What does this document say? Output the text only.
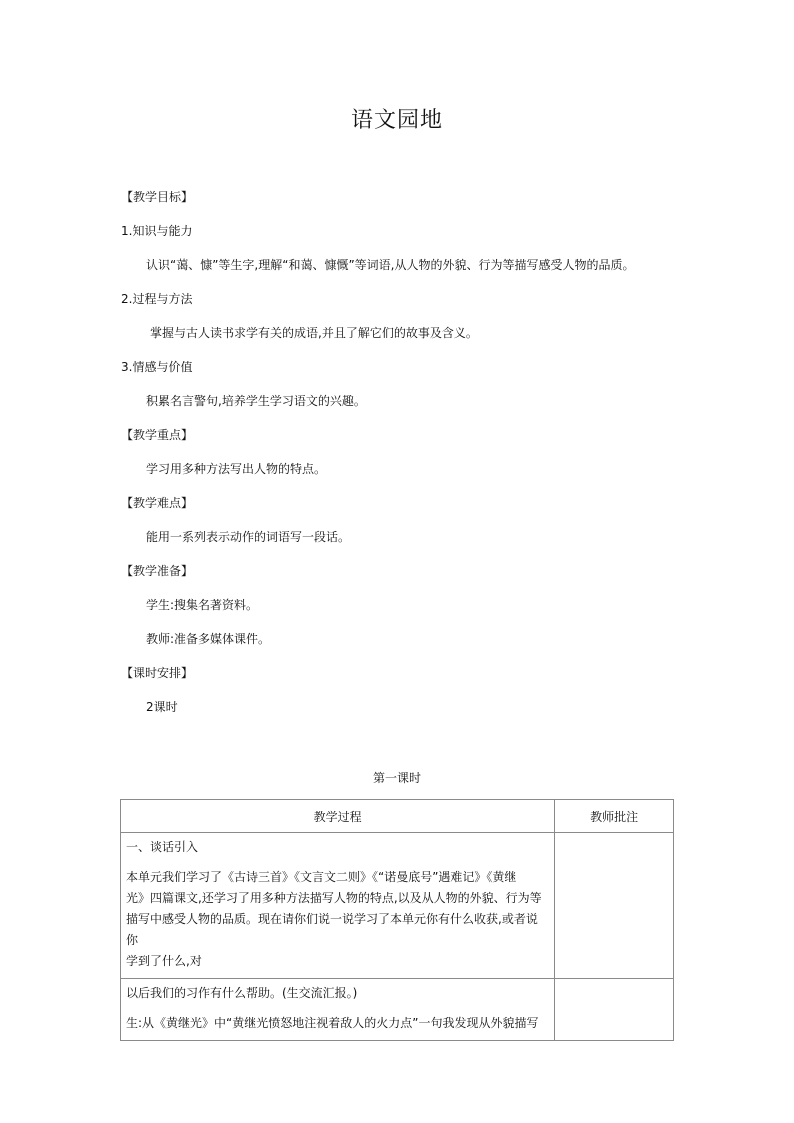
语文园地
【教学目标】
1.知识与能力
认识“蔼、慷”等生字,理解“和蔼、慷慨”等词语,从人物的外貌、行为等描写感受人物的品质。
2.过程与方法
掌握与古人读书求学有关的成语,并且了解它们的故事及含义。
3.情感与价值
积累名言警句,培养学生学习语文的兴趣。
【教学重点】
学习用多种方法写出人物的特点。
【教学难点】
能用一系列表示动作的词语写一段话。
【教学准备】
学生:搜集名著资料。
教师:准备多媒体课件。
【课时安排】
2课时
第一课时
教学过程	教师批注

一、谈话引入

本单元我们学习了《古诗三首》《文言文二则》《“诺曼底号”遇难记》《黄继

光》四篇课文,还学习了用多种方法描写人物的特点,以及从人物的外貌、行为等

描写中感受人物的品质。现在请你们说一说学习了本单元你有什么收获,或者说你

学到了什么,对	

以后我们的习作有什么帮助。(生交流汇报。)

生:从《黄继光》中“黄继光愤怒地注视着敌人的火力点”一句我发现从外貌描写	
